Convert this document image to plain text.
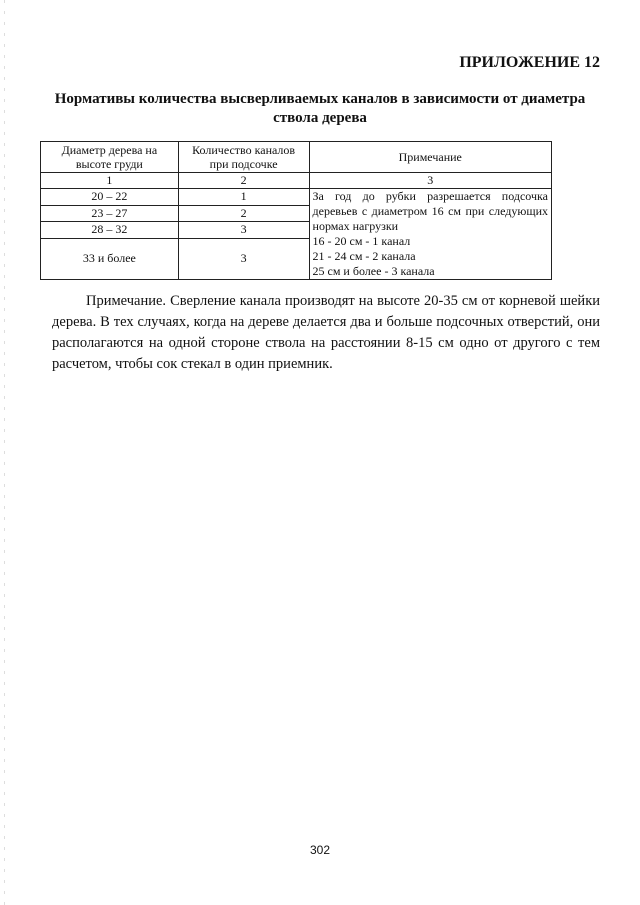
ПРИЛОЖЕНИЕ 12
Нормативы количества высверливаемых каналов в зависимости от диаметра
ствола дерева
Диаметр дерева на высоте груди	Количество каналов при подсочке	Примечание
1	2	3
20 – 22	1	За год до рубки разрешается подсочка деревьев с диаметром 16 см при следующих нормах нагрузки
16 - 20 см - 1 канал
21 - 24 см - 2 канала
25 см и более - 3 канала

23 – 27	2	
28 – 32	3	
33 и более	3	
Примечание. Сверление канала производят на высоте 20-35 см от корневой шейки дерева. В тех случаях, когда на дереве делается два и больше подсочных отверстий, они располагаются на одной стороне ствола на расстоянии 8-15 см одно от другого с тем расчетом, чтобы сок стекал в один приемник.
302
